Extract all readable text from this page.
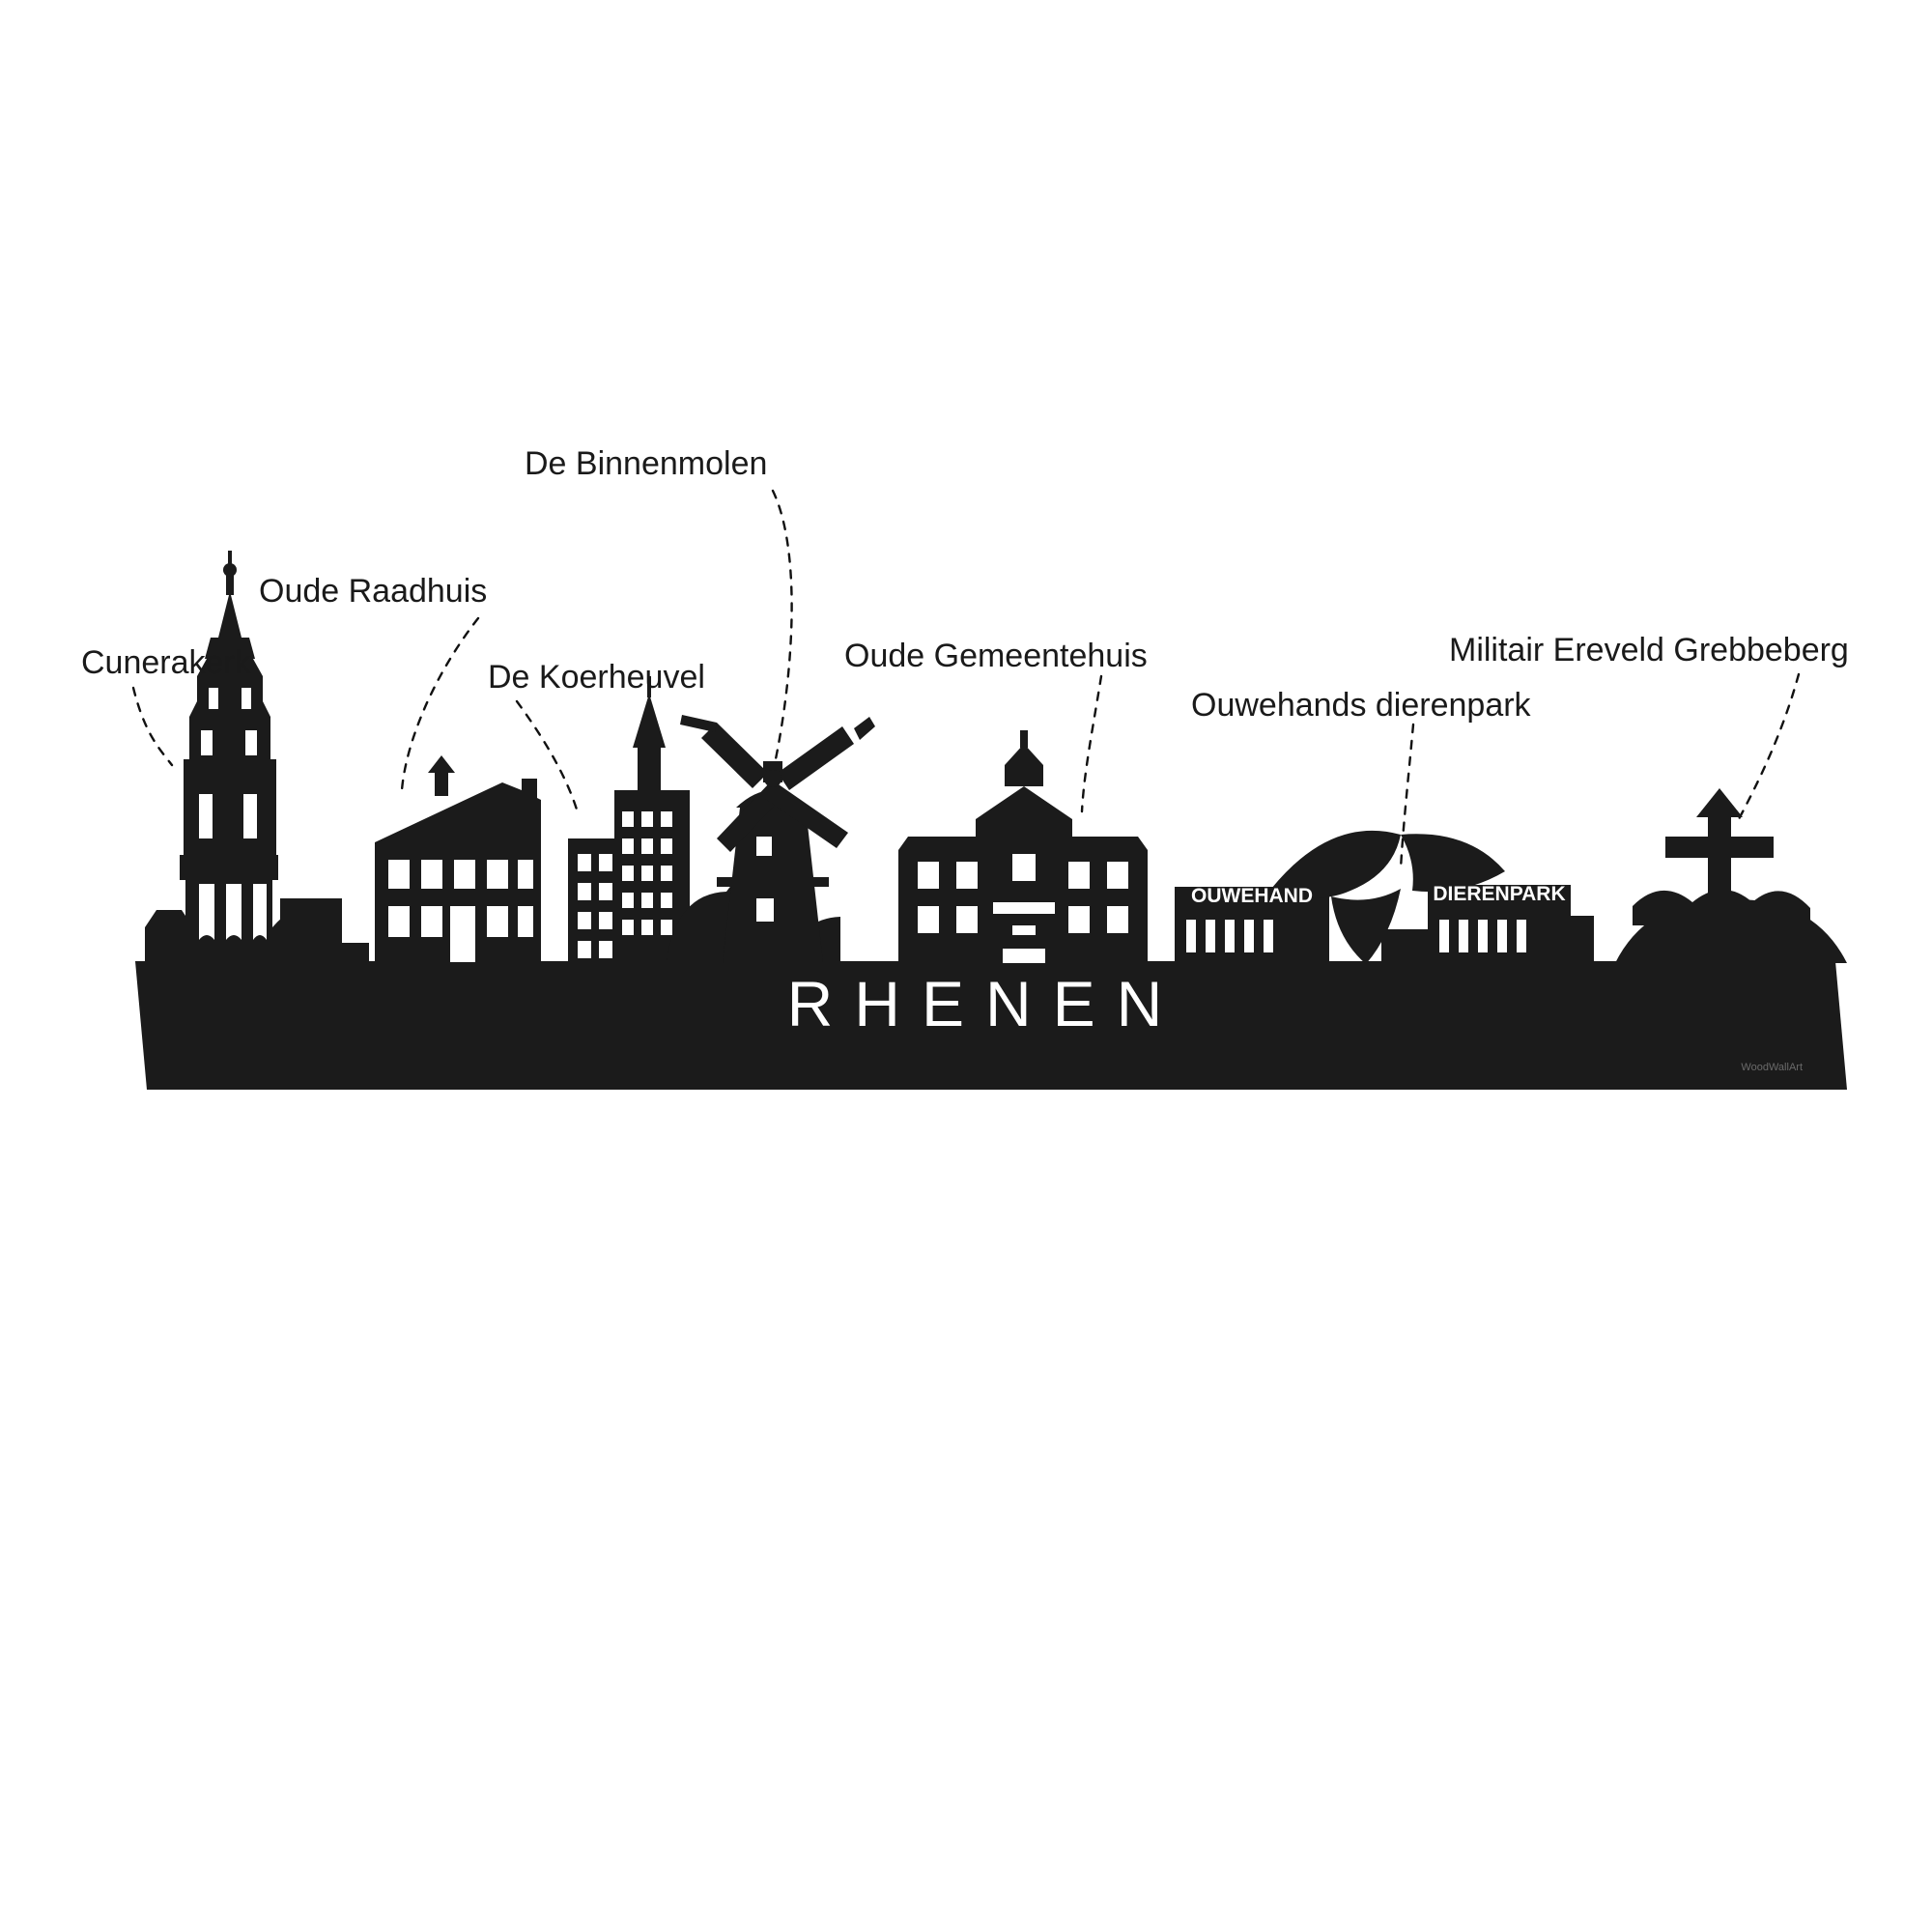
OUWEHAND	DIERENPARK
RHENEN
WoodWallArt
Cunerakerk
Oude Raadhuis
De Koerheuvel
De Binnenmolen
Oude Gemeentehuis
Ouwehands dierenpark
Militair Ereveld Grebbeberg
